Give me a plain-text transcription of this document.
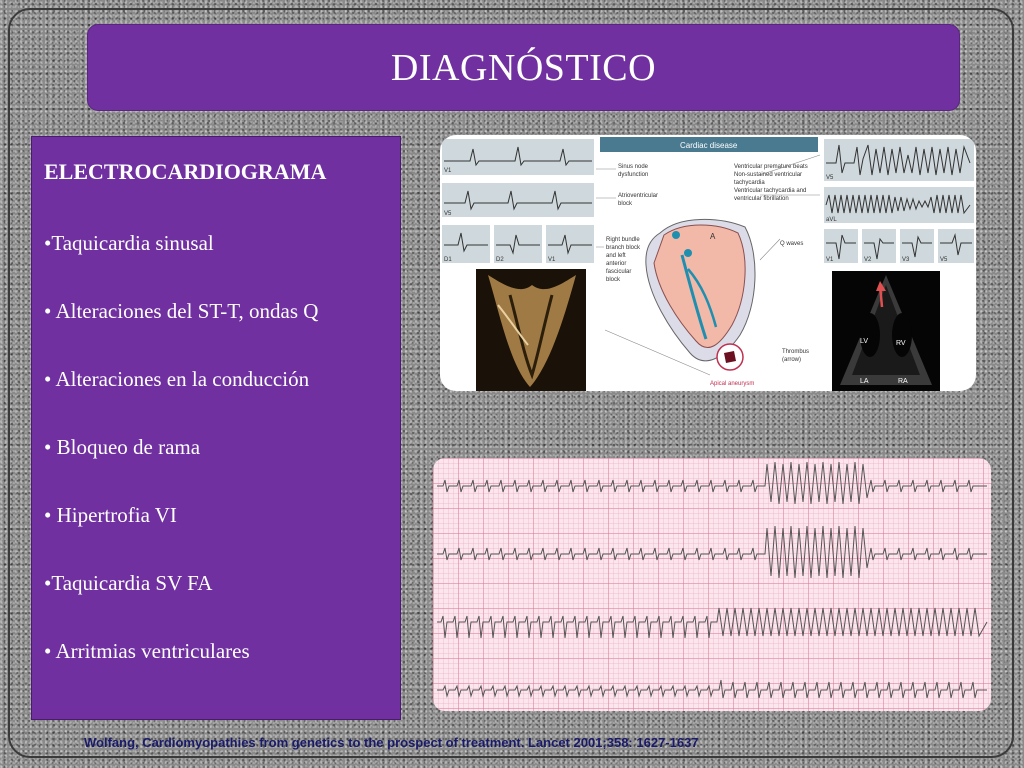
DIAGNÓSTICO
ELECTROCARDIOGRAMA
•Taquicardia sinusal
• Alteraciones del ST-T, ondas Q
• Alteraciones en la conducción
• Bloqueo de rama
• Hipertrofia VI
•Taquicardia SV FA
• Arritmias ventriculares
V1
V5
D1	D2	V1
Cardiac disease
Sinus node
dysfunction
Atrioventricular
block
Right bundle
branch block
and left
anterior
fascicular
block
Ventricular premature beats
Non-sustained ventricular
tachycardia
Ventricular tachycardia and
ventricular fibrillation
Q waves
Thrombus
(arrow)
Apical aneurysm
A
V5
aVL
V1	V2	V3	V5
LV	RV
LA	RA
Wolfang, Cardiomyopathies from genetics to the prospect of treatment. Lancet 2001;358: 1627-1637
